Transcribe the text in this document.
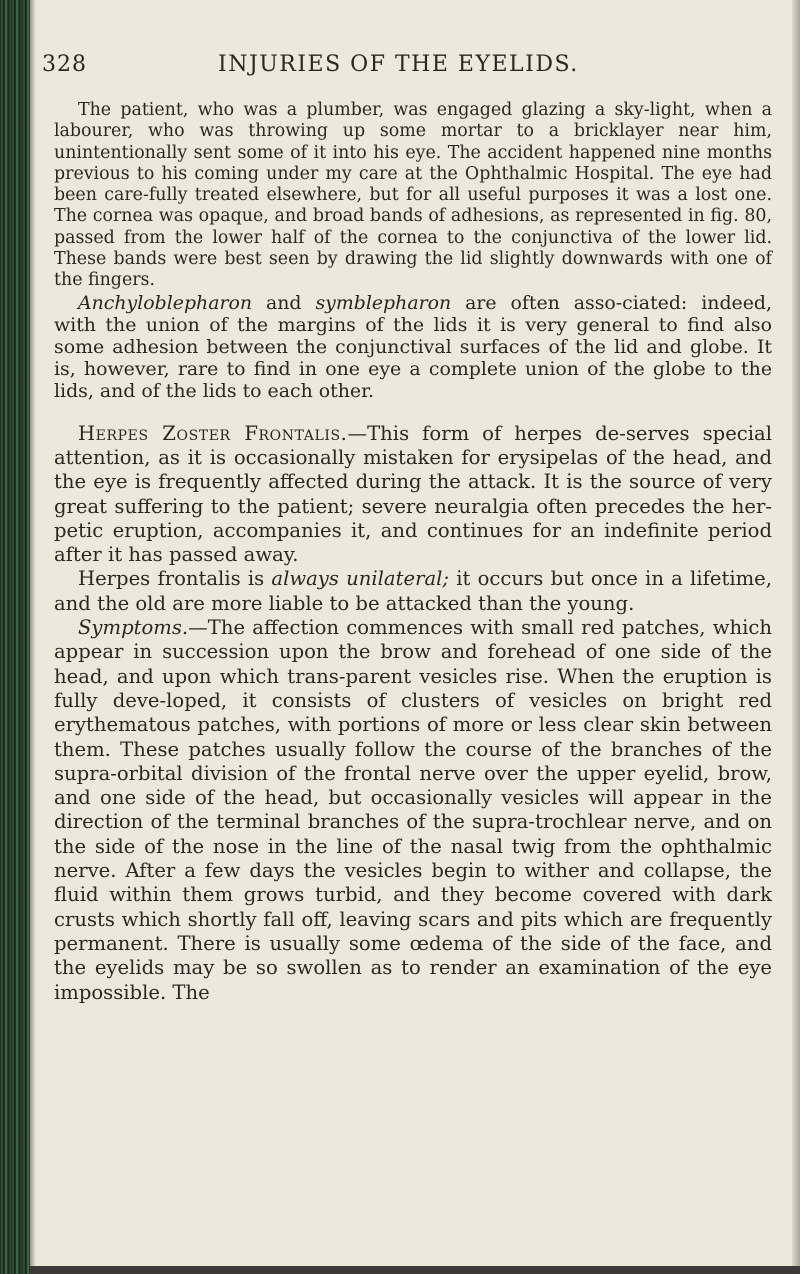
328	INJURIES OF THE EYELIDS.

The patient, who was a plumber, was engaged glazing a sky-light, when a labourer, who was throwing up some mortar to a bricklayer near him, unintentionally sent some of it into his eye. The accident happened nine months previous to his coming under my care at the Ophthalmic Hospital. The eye had been care-fully treated elsewhere, but for all useful purposes it was a lost one. The cornea was opaque, and broad bands of adhesions, as represented in fig. 80, passed from the lower half of the cornea to the conjunctiva of the lower lid. These bands were best seen by drawing the lid slightly downwards with one of the fingers.

Anchyloblepharon and symblepharon are often asso-ciated: indeed, with the union of the margins of the lids it is very general to find also some adhesion between the conjunctival surfaces of the lid and globe. It is, however, rare to find in one eye a complete union of the globe to the lids, and of the lids to each other.

Herpes Zoster Frontalis.—This form of herpes de-serves special attention, as it is occasionally mistaken for erysipelas of the head, and the eye is frequently affected during the attack. It is the source of very great suffering to the patient; severe neuralgia often precedes the her-petic eruption, accompanies it, and continues for an indefinite period after it has passed away.

Herpes frontalis is always unilateral; it occurs but once in a lifetime, and the old are more liable to be attacked than the young.

Symptoms.—The affection commences with small red patches, which appear in succession upon the brow and forehead of one side of the head, and upon which trans-parent vesicles rise. When the eruption is fully deve-loped, it consists of clusters of vesicles on bright red erythematous patches, with portions of more or less clear skin between them. These patches usually follow the course of the branches of the supra-orbital division of the frontal nerve over the upper eyelid, brow, and one side of the head, but occasionally vesicles will appear in the direction of the terminal branches of the supra-trochlear nerve, and on the side of the nose in the line of the nasal twig from the ophthalmic nerve. After a few days the vesicles begin to wither and collapse, the fluid within them grows turbid, and they become covered with dark crusts which shortly fall off, leaving scars and pits which are frequently permanent. There is usually some œdema of the side of the face, and the eyelids may be so swollen as to render an examination of the eye impossible. The
